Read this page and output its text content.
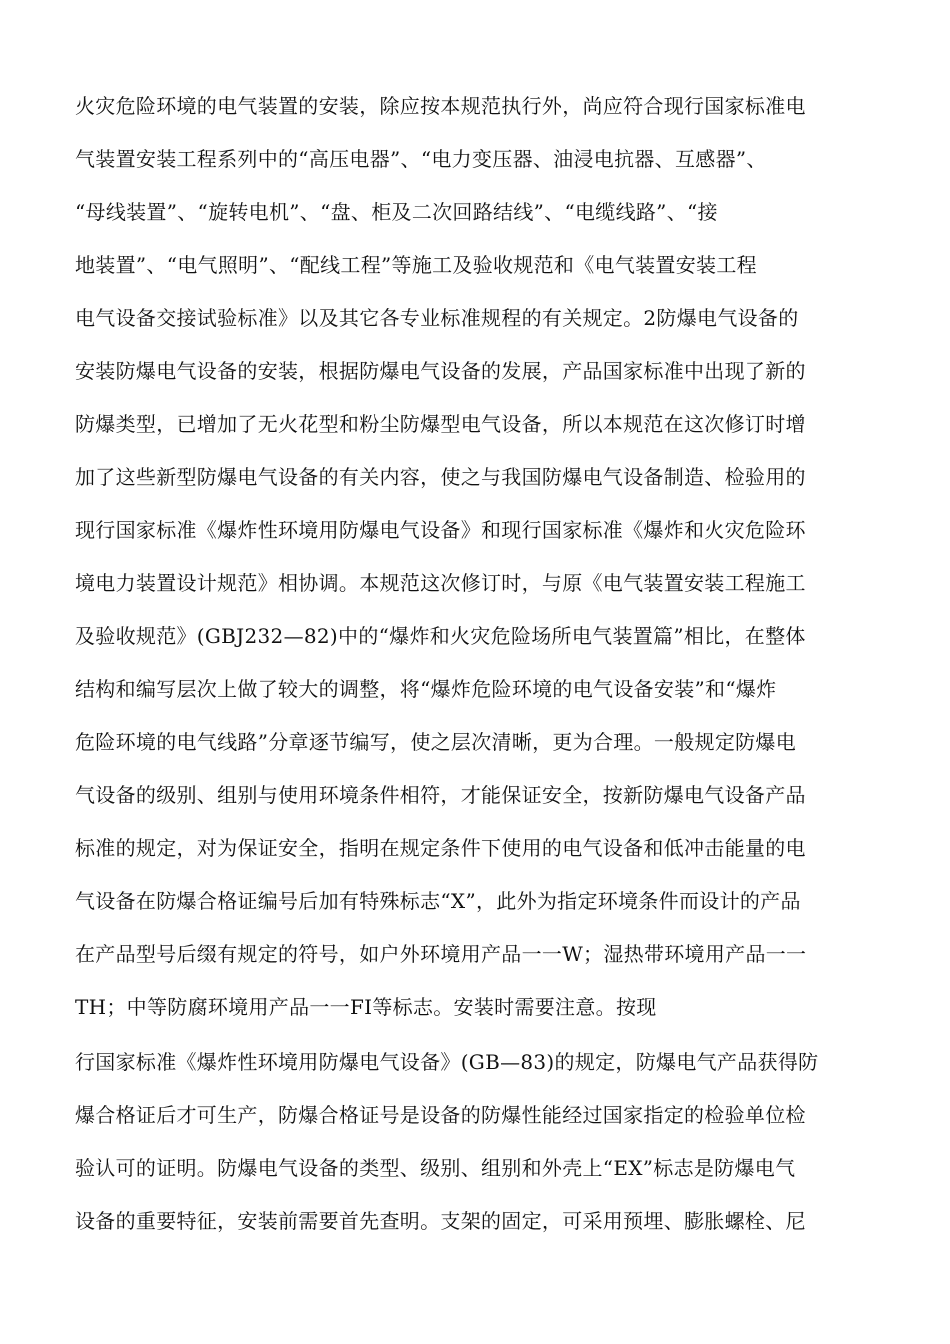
火灾危险环境的电气装置的安装，除应按本规范执行外，尚应符合现行国家标准电
气装置安装工程系列中的“高压电器”、“电力变压器、油浸电抗器、互感器”、
“母线装置”、“旋转电机”、“盘、柜及二次回路结线”、“电缆线路”、“接
地装置”、“电气照明”、“配线工程”等施工及验收规范和《电气装置安装工程
电气设备交接试验标准》以及其它各专业标准规程的有关规定。2防爆电气设备的
安装防爆电气设备的安装，根据防爆电气设备的发展，产品国家标准中出现了新的
防爆类型，已增加了无火花型和粉尘防爆型电气设备，所以本规范在这次修订时增
加了这些新型防爆电气设备的有关内容，使之与我国防爆电气设备制造、检验用的
现行国家标准《爆炸性环境用防爆电气设备》和现行国家标准《爆炸和火灾危险环
境电力装置设计规范》相协调。本规范这次修订时，与原《电气装置安装工程施工
及验收规范》(GBJ232—82)中的“爆炸和火灾危险场所电气装置篇”相比，在整体
结构和编写层次上做了较大的调整，将“爆炸危险环境的电气设备安装”和“爆炸
危险环境的电气线路”分章逐节编写，使之层次清晰，更为合理。一般规定防爆电
气设备的级别、组别与使用环境条件相符，才能保证安全，按新防爆电气设备产品
标准的规定，对为保证安全，指明在规定条件下使用的电气设备和低冲击能量的电
气设备在防爆合格证编号后加有特殊标志“X”，此外为指定环境条件而设计的产品
在产品型号后缀有规定的符号，如户外环境用产品一一W；湿热带环境用产品一一
TH；中等防腐环境用产品一一FI等标志。安装时需要注意。按现
行国家标准《爆炸性环境用防爆电气设备》(GB—83)的规定，防爆电气产品获得防
爆合格证后才可生产，防爆合格证号是设备的防爆性能经过国家指定的检验单位检
验认可的证明。防爆电气设备的类型、级别、组别和外壳上“EX”标志是防爆电气
设备的重要特征，安装前需要首先查明。支架的固定，可采用预埋、膨胀螺栓、尼
